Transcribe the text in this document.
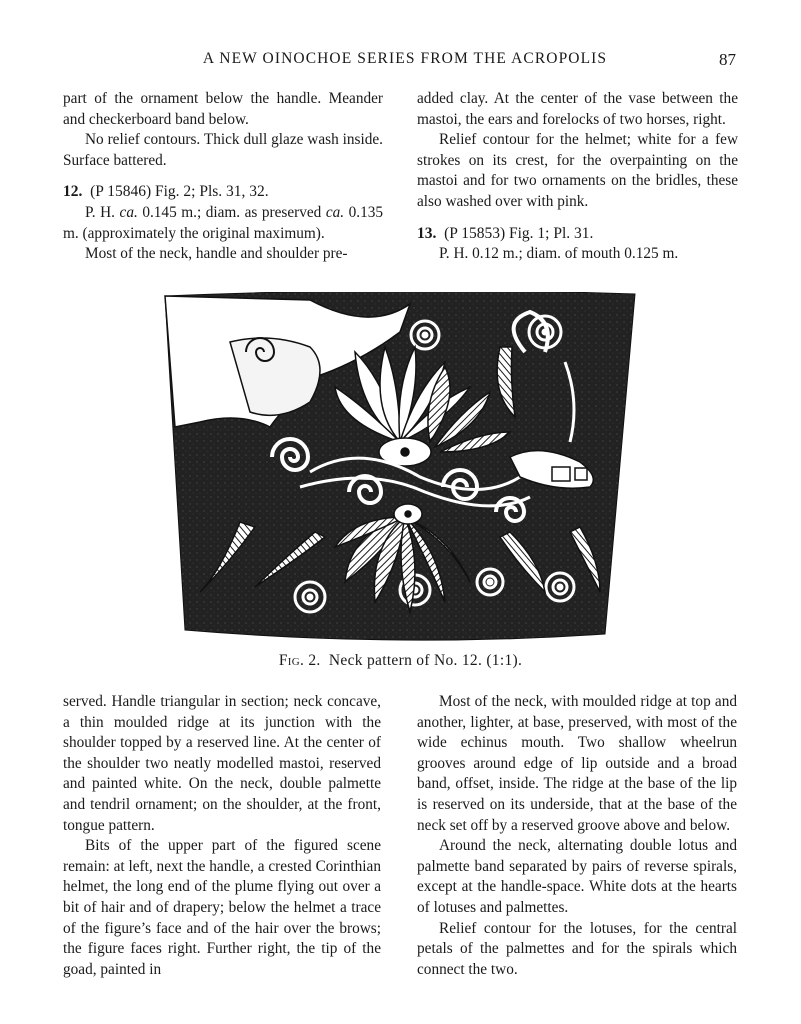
A NEW OINOCHOE SERIES FROM THE ACROPOLIS	87

part of the ornament below the handle. Meander and checkerboard band below.

No relief contours. Thick dull glaze wash inside. Surface battered.

12. (P 15846) Fig. 2; Pls. 31, 32.

P. H. ca. 0.145 m.; diam. as preserved ca. 0.135 m. (approximately the original maximum).

Most of the neck, handle and shoulder pre-

added clay. At the center of the vase between the mastoi, the ears and forelocks of two horses, right.

Relief contour for the helmet; white for a few strokes on its crest, for the overpainting on the mastoi and for two ornaments on the bridles, these also washed over with pink.

13. (P 15853) Fig. 1; Pl. 31.

P. H. 0.12 m.; diam. of mouth 0.125 m.

Fig. 2. Neck pattern of No. 12. (1:1).

served. Handle triangular in section; neck concave, a thin moulded ridge at its junction with the shoulder topped by a reserved line. At the center of the shoulder two neatly modelled mastoi, reserved and painted white. On the neck, double palmette and tendril ornament; on the shoulder, at the front, tongue pattern.

Bits of the upper part of the figured scene remain: at left, next the handle, a crested Corinthian helmet, the long end of the plume flying out over a bit of hair and of drapery; below the helmet a trace of the figure’s face and of the hair over the brows; the figure faces right. Further right, the tip of the goad, painted in

Most of the neck, with moulded ridge at top and another, lighter, at base, preserved, with most of the wide echinus mouth. Two shallow wheelrun grooves around edge of lip outside and a broad band, offset, inside. The ridge at the base of the lip is reserved on its underside, that at the base of the neck set off by a reserved groove above and below.

Around the neck, alternating double lotus and palmette band separated by pairs of reverse spirals, except at the handle-space. White dots at the hearts of lotuses and palmettes.

Relief contour for the lotuses, for the central petals of the palmettes and for the spirals which connect the two.
